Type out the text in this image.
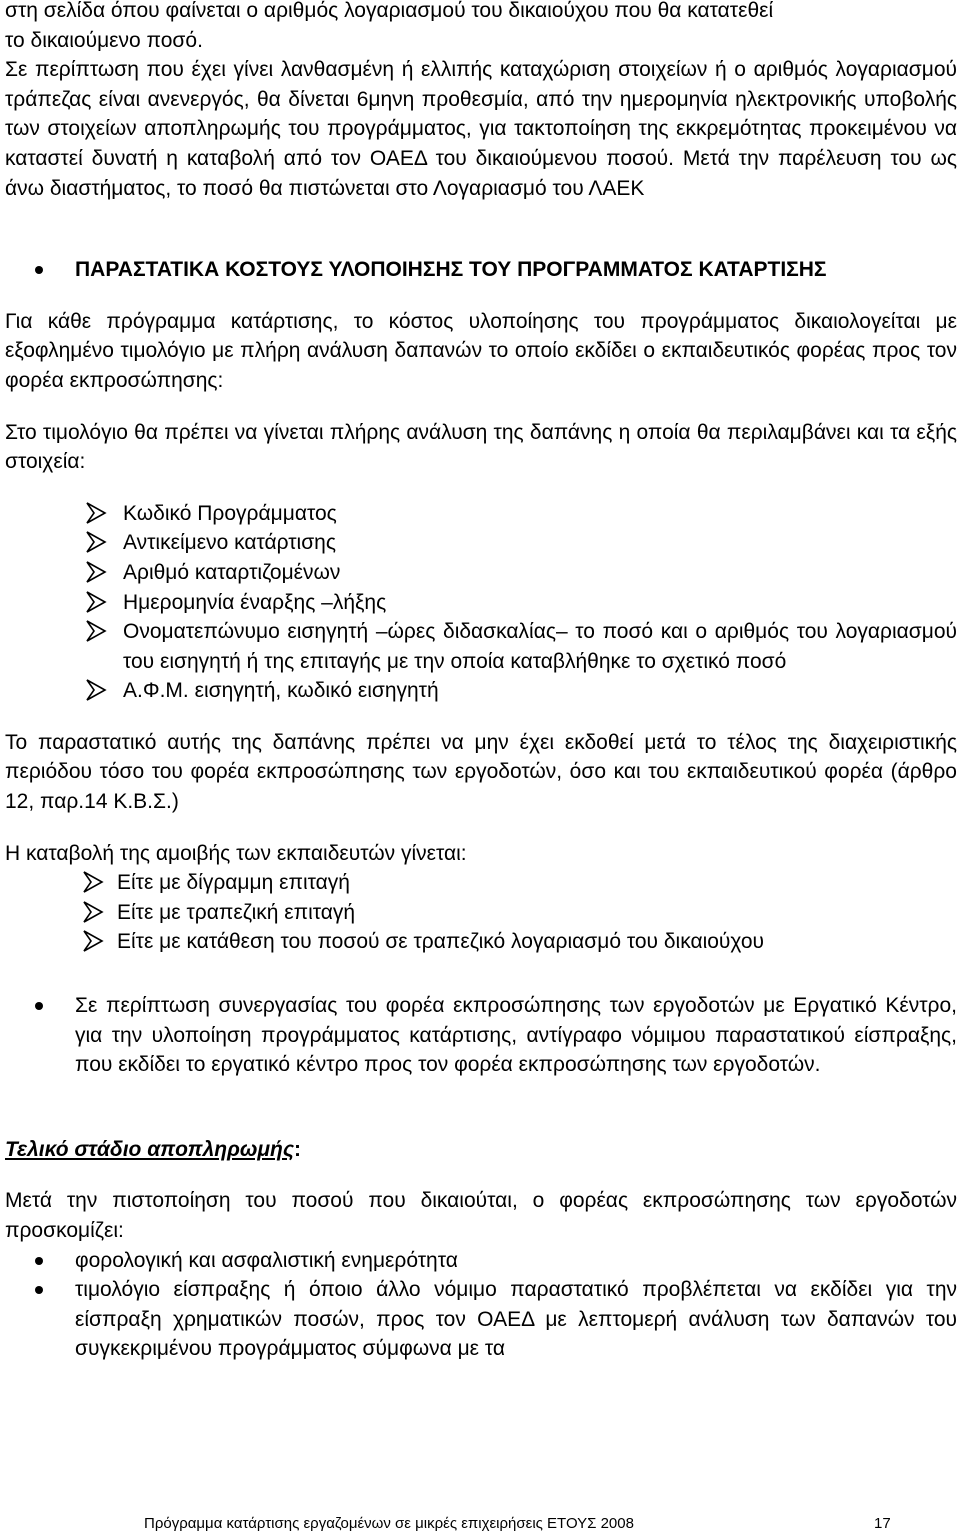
στη σελίδα όπου φαίνεται ο αριθμός λογαριασμού του δικαιούχου που θα κατατεθεί

το δικαιούμενο ποσό.

Σε περίπτωση που έχει γίνει λανθασμένη ή ελλιπής καταχώριση στοιχείων ή ο αριθμός λογαριασμού τράπεζας είναι ανενεργός, θα δίνεται 6μηνη προθεσμία, από την ημερομηνία ηλεκτρονικής υποβολής των στοιχείων αποπληρωμής του προγράμματος, για τακτοποίηση της εκκρεμότητας προκειμένου να καταστεί δυνατή η καταβολή από τον ΟΑΕΔ του δικαιούμενου ποσού. Μετά την παρέλευση του ως άνω διαστήματος, το ποσό θα πιστώνεται στο Λογαριασμό του ΛΑΕΚ

ΠΑΡΑΣΤΑΤΙΚΑ ΚΟΣΤΟΥΣ ΥΛΟΠΟΙΗΣΗΣ ΤΟΥ ΠΡΟΓΡΑΜΜΑΤΟΣ ΚΑΤΑΡΤΙΣΗΣ

Για κάθε πρόγραμμα κατάρτισης, το κόστος υλοποίησης του προγράμματος δικαιολογείται με εξοφλημένο τιμολόγιο με πλήρη ανάλυση δαπανών το οποίο εκδίδει ο εκπαιδευτικός φορέας προς τον φορέα εκπροσώπησης:

Στο τιμολόγιο θα πρέπει να γίνεται πλήρης ανάλυση της δαπάνης η οποία θα περιλαμβάνει και τα εξής στοιχεία:

Κωδικό Προγράμματος
Αντικείμενο κατάρτισης
Αριθμό καταρτιζομένων
Ημερομηνία έναρξης –λήξης
Ονοματεπώνυμο εισηγητή –ώρες διδασκαλίας– το ποσό και ο αριθμός του λογαριασμού του εισηγητή ή της επιταγής με την οποία καταβλήθηκε το σχετικό ποσό
Α.Φ.Μ. εισηγητή, κωδικό εισηγητή

Το παραστατικό αυτής της δαπάνης πρέπει να μην έχει εκδοθεί μετά το τέλος της διαχειριστικής περιόδου τόσο του φορέα εκπροσώπησης των εργοδοτών, όσο και του εκπαιδευτικού φορέα (άρθρο 12, παρ.14 Κ.Β.Σ.)

Η καταβολή της αμοιβής των εκπαιδευτών γίνεται:

Είτε με δίγραμμη επιταγή
Είτε με τραπεζική επιταγή
Είτε με κατάθεση του ποσού σε τραπεζικό λογαριασμό του δικαιούχου
Σε περίπτωση συνεργασίας του φορέα εκπροσώπησης των εργοδοτών με Εργατικό Κέντρο, για την υλοποίηση προγράμματος κατάρτισης, αντίγραφο νόμιμου παραστατικού είσπραξης, που εκδίδει το εργατικό κέντρο προς τον φορέα εκπροσώπησης των εργοδοτών.

Τελικό στάδιο αποπληρωμής:

Μετά την πιστοποίηση του ποσού που δικαιούται, ο φορέας εκπροσώπησης των εργοδοτών προσκομίζει:

φορολογική και ασφαλιστική ενημερότητα
τιμολόγιο είσπραξης ή όποιο άλλο νόμιμο παραστατικό προβλέπεται να εκδίδει για την είσπραξη χρηματικών ποσών, προς τον ΟΑΕΔ με λεπτομερή ανάλυση των δαπανών του συγκεκριμένου προγράμματος σύμφωνα με τα
Πρόγραμμα κατάρτισης εργαζομένων σε μικρές επιχειρήσεις ΕΤΟΥΣ 2008	17
